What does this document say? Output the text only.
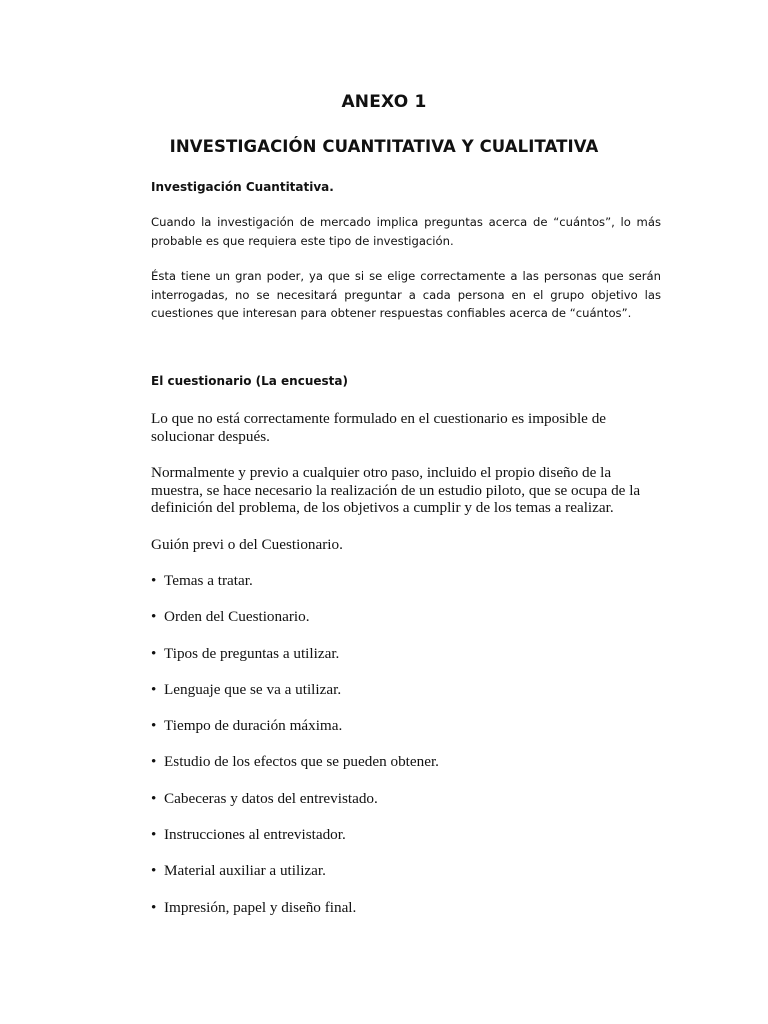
ANEXO 1
INVESTIGACIÓN CUANTITATIVA Y CUALITATIVA
Investigación Cuantitativa.

Cuando la investigación de mercado implica preguntas acerca de “cuántos”, lo más probable es que requiera este tipo de investigación.

Ésta tiene un gran poder, ya que si se elige correctamente a las personas que serán interrogadas, no se necesitará preguntar a cada persona en el grupo objetivo las cuestiones que interesan para obtener respuestas confiables acerca de “cuántos”.

El cuestionario (La encuesta)

Lo que no está correctamente formulado en el cuestionario es imposible de solucionar después.

Normalmente y previo a cualquier otro paso, incluido el propio diseño de la muestra, se hace necesario la realización de un estudio piloto, que se ocupa de la definición del problema, de los objetivos a cumplir y de los temas a realizar.

Guión previ o del Cuestionario.

• Temas a tratar.
• Orden del Cuestionario.
• Tipos de preguntas a utilizar.
• Lenguaje que se va a utilizar.
• Tiempo de duración máxima.
• Estudio de los efectos que se pueden obtener.
• Cabeceras y datos del entrevistado.
• Instrucciones al entrevistador.
• Material auxiliar a utilizar.
• Impresión, papel y diseño final.
